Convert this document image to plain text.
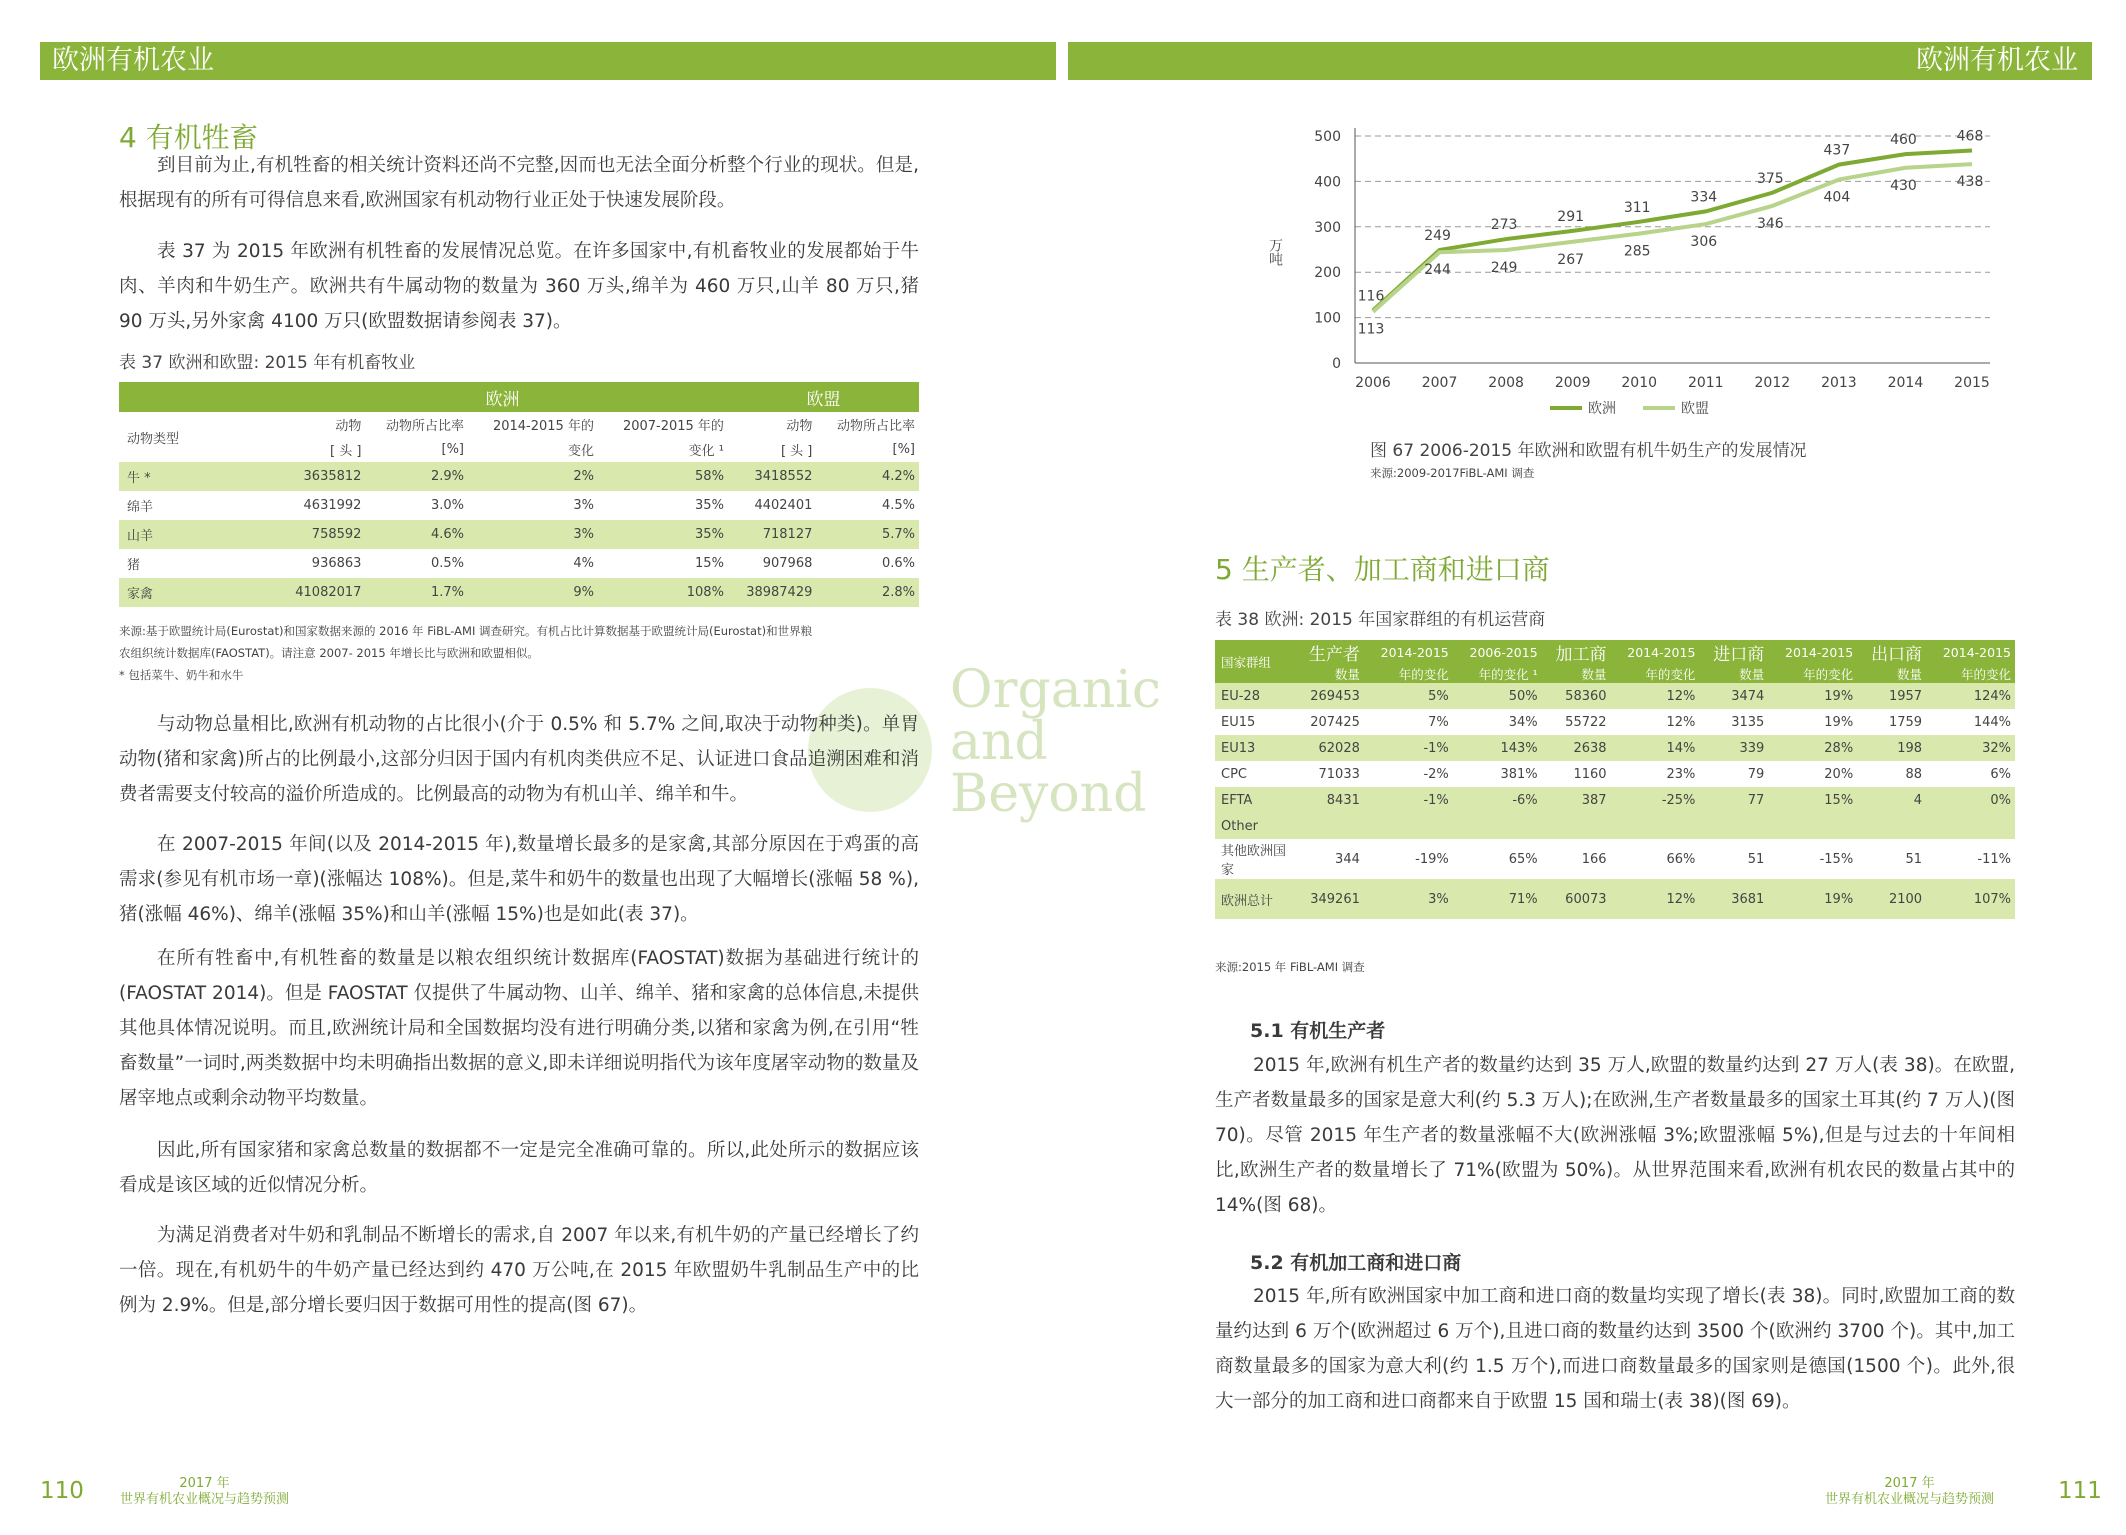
欧洲有机农业	欧洲有机农业
Organic
and
Beyond
4 有机牲畜

到目前为止,有机牲畜的相关统计资料还尚不完整,因而也无法全面分析整个行业的现状。但是,根据现有的所有可得信息来看,欧洲国家有机动物行业正处于快速发展阶段。

表 37 为 2015 年欧洲有机牲畜的发展情况总览。在许多国家中,有机畜牧业的发展都始于牛肉、羊肉和牛奶生产。欧洲共有牛属动物的数量为 360 万头,绵羊为 460 万只,山羊 80 万只,猪 90 万头,另外家禽 4100 万只(欧盟数据请参阅表 37)。

表 37 欧洲和欧盟: 2015 年有机畜牧业
	欧洲				欧盟	
动物类型	动物	动物所占比率	2014-2015 年的	2007-2015 年的	动物	动物所占比率
	[ 头 ]	[%]	变化	变化 ¹	[ 头 ]	[%]
牛 *	3635812	2.9%	2%	58%	3418552	4.2%
绵羊	4631992	3.0%	3%	35%	4402401	4.5%
山羊	758592	4.6%	3%	35%	718127	5.7%
猪	936863	0.5%	4%	15%	907968	0.6%
家禽	41082017	1.7%	9%	108%	38987429	2.8%
来源:基于欧盟统计局(Eurostat)和国家数据来源的 2016 年 FiBL-AMI 调查研究。有机占比计算数据基于欧盟统计局(Eurostat)和世界粮
农组织统计数据库(FAOSTAT)。请注意 2007- 2015 年增长比与欧洲和欧盟相似。
* 包括菜牛、奶牛和水牛

与动物总量相比,欧洲有机动物的占比很小(介于 0.5% 和 5.7% 之间,取决于动物种类)。单胃动物(猪和家禽)所占的比例最小,这部分归因于国内有机肉类供应不足、认证进口食品追溯困难和消费者需要支付较高的溢价所造成的。比例最高的动物为有机山羊、绵羊和牛。

在 2007-2015 年间(以及 2014-2015 年),数量增长最多的是家禽,其部分原因在于鸡蛋的高需求(参见有机市场一章)(涨幅达 108%)。但是,菜牛和奶牛的数量也出现了大幅增长(涨幅 58 %),猪(涨幅 46%)、绵羊(涨幅 35%)和山羊(涨幅 15%)也是如此(表 37)。

在所有牲畜中,有机牲畜的数量是以粮农组织统计数据库(FAOSTAT)数据为基础进行统计的(FAOSTAT 2014)。但是 FAOSTAT 仅提供了牛属动物、山羊、绵羊、猪和家禽的总体信息,未提供其他具体情况说明。而且,欧洲统计局和全国数据均没有进行明确分类,以猪和家禽为例,在引用“牲畜数量”一词时,两类数据中均未明确指出数据的意义,即未详细说明指代为该年度屠宰动物的数量及屠宰地点或剩余动物平均数量。

因此,所有国家猪和家禽总数量的数据都不一定是完全准确可靠的。所以,此处所示的数据应该看成是该区域的近似情况分析。

为满足消费者对牛奶和乳制品不断增长的需求,自 2007 年以来,有机牛奶的产量已经增长了约一倍。现在,有机奶牛的牛奶产量已经达到约 470 万公吨,在 2015 年欧盟奶牛乳制品生产中的比例为 2.9%。但是,部分增长要归因于数据可用性的提高(图 67)。

0
100
200
300
400
500
万吨
2006 2007 2008 2009 2010 2011 2012 2013 2014 2015
116
249
273
291
311
334
375
437
460	468
113
244	249
267
285
306
346
404
430	438
欧洲	欧盟
图 67 2006-2015 年欧洲和欧盟有机牛奶生产的发展情况
来源:2009-2017FiBL-AMI 调查
5 生产者、加工商和进口商
表 38 欧洲: 2015 年国家群组的有机运营商
国家群组	生产者	2014-2015	2006-2015	加工商	2014-2015	进口商	2014-2015	出口商	2014-2015
	数量	年的变化	年的变化 ¹	数量	年的变化	数量	年的变化	数量	年的变化
EU-28	269453	5%	50%	58360	12%	3474	19%	1957	124%
EU15	207425	7%	34%	55722	12%	3135	19%	1759	144%
EU13	62028	-1%	143%	2638	14%	339	28%	198	32%
CPC	71033	-2%	381%	1160	23%	79	20%	88	6%
EFTA	8431	-1%	-6%	387	-25%	77	15%	4	0%
Other									
其他欧洲国家	344	-19%	65%	166	66%	51	-15%	51	-11%
欧洲总计	349261	3%	71%	60073	12%	3681	19%	2100	107%
来源:2015 年 FiBL-AMI 调查
5.1 有机生产者

2015 年,欧洲有机生产者的数量约达到 35 万人,欧盟的数量约达到 27 万人(表 38)。在欧盟,生产者数量最多的国家是意大利(约 5.3 万人);在欧洲,生产者数量最多的国家土耳其(约 7 万人)(图 70)。尽管 2015 年生产者的数量涨幅不大(欧洲涨幅 3%;欧盟涨幅 5%),但是与过去的十年间相比,欧洲生产者的数量增长了 71%(欧盟为 50%)。从世界范围来看,欧洲有机农民的数量占其中的 14%(图 68)。

5.2 有机加工商和进口商

2015 年,所有欧洲国家中加工商和进口商的数量均实现了增长(表 38)。同时,欧盟加工商的数量约达到 6 万个(欧洲超过 6 万个),且进口商的数量约达到 3500 个(欧洲约 3700 个)。其中,加工商数量最多的国家为意大利(约 1.5 万个),而进口商数量最多的国家则是德国(1500 个)。此外,很大一部分的加工商和进口商都来自于欧盟 15 国和瑞士(表 38)(图 69)。

110	2017 年
世界有机农业概况与趋势预测
2017 年
世界有机农业概况与趋势预测	111
